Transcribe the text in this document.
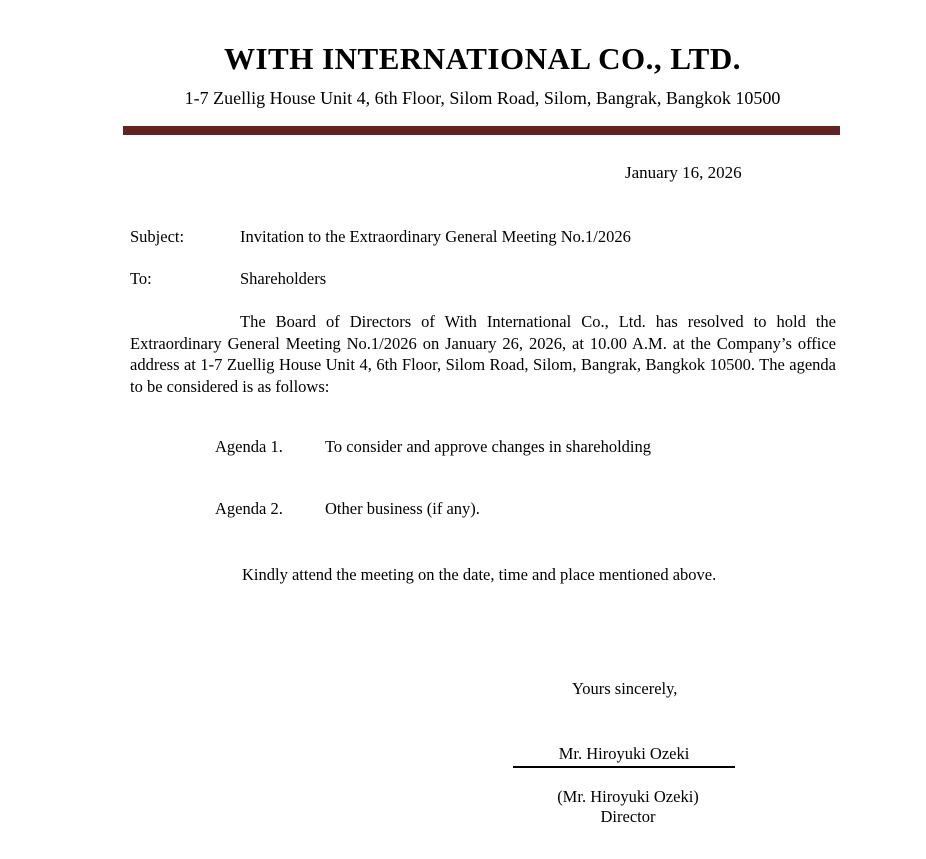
WITH INTERNATIONAL CO., LTD.
1-7 Zuellig House Unit 4, 6th Floor, Silom Road, Silom, Bangrak, Bangkok 10500
January 16, 2026
Subject:	Invitation to the Extraordinary General Meeting No.1/2026
To:	Shareholders
The Board of Directors of With International Co., Ltd. has resolved to hold the Extraordinary General Meeting No.1/2026 on January 26, 2026, at 10.00 A.M. at the Company’s office address at 1-7 Zuellig House Unit 4, 6th Floor, Silom Road, Silom, Bangrak, Bangkok 10500. The agenda to be considered is as follows:
Agenda 1.	To consider and approve changes in shareholding
Agenda 2.	Other business (if any).
Kindly attend the meeting on the date, time and place mentioned above.
Yours sincerely,
Mr. Hiroyuki Ozeki
(Mr. Hiroyuki Ozeki)
Director
